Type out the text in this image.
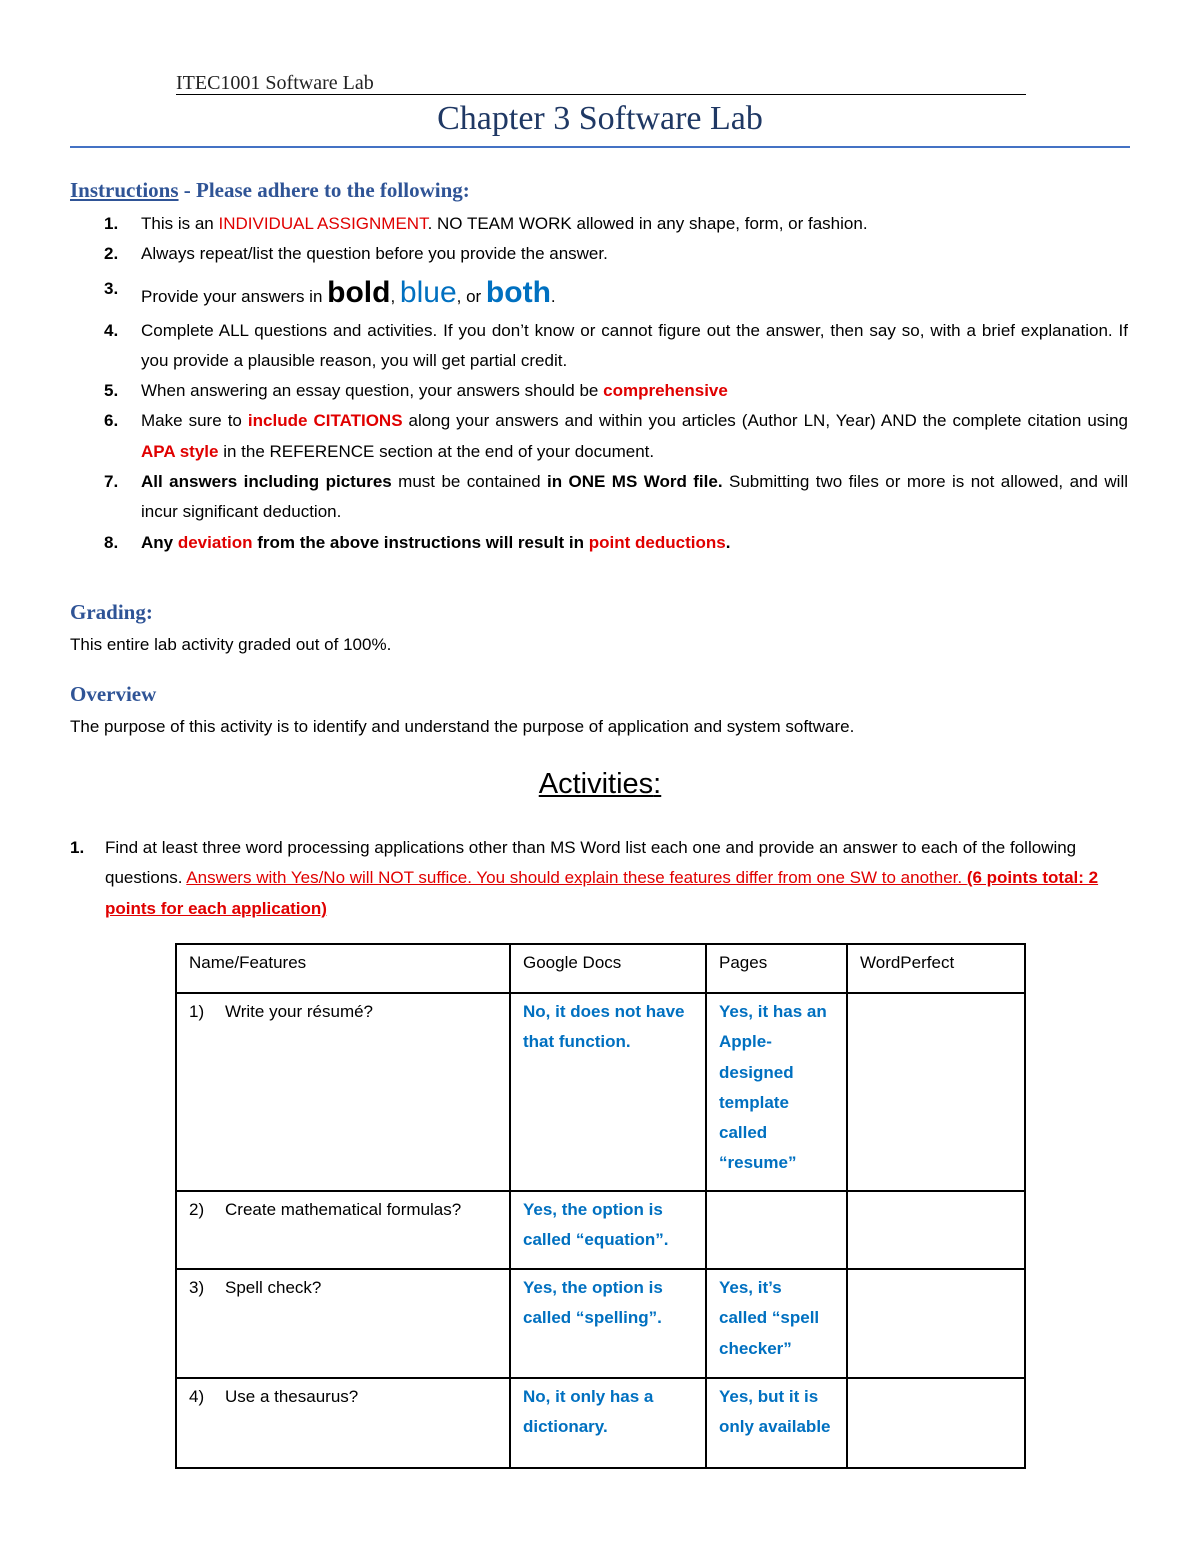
ITEC1001 Software Lab
Chapter 3 Software Lab
Instructions - Please adhere to the following:
1. This is an INDIVIDUAL ASSIGNMENT. NO TEAM WORK allowed in any shape, form, or fashion.
2. Always repeat/list the question before you provide the answer.
3. Provide your answers in bold, blue, or both.
4. Complete ALL questions and activities. If you don’t know or cannot figure out the answer, then say so, with a brief explanation. If you provide a plausible reason, you will get partial credit.
5. When answering an essay question, your answers should be comprehensive
6. Make sure to include CITATIONS along your answers and within you articles (Author LN, Year) AND the complete citation using APA style in the REFERENCE section at the end of your document.
7. All answers including pictures must be contained in ONE MS Word file. Submitting two files or more is not allowed, and will incur significant deduction.
8. Any deviation from the above instructions will result in point deductions.
Grading:
This entire lab activity graded out of 100%.
Overview
The purpose of this activity is to identify and understand the purpose of application and system software.
Activities:
1.	Find at least three word processing applications other than MS Word list each one and provide an answer to each of the following questions. Answers with Yes/No will NOT suffice. You should explain these features differ from one SW to another. (6 points total: 2 points for each application)
Name/Features	Google Docs	Pages	WordPerfect
1) Write your résumé?	No, it does not have that function.	Yes, it has an Apple-designed template called “resume”	
2) Create mathematical formulas?	Yes, the option is called “equation”.		
3) Spell check?	Yes, the option is called “spelling”.	Yes, it’s called “spell checker”	
4) Use a thesaurus?	No, it only has a dictionary.	Yes, but it is only available	
